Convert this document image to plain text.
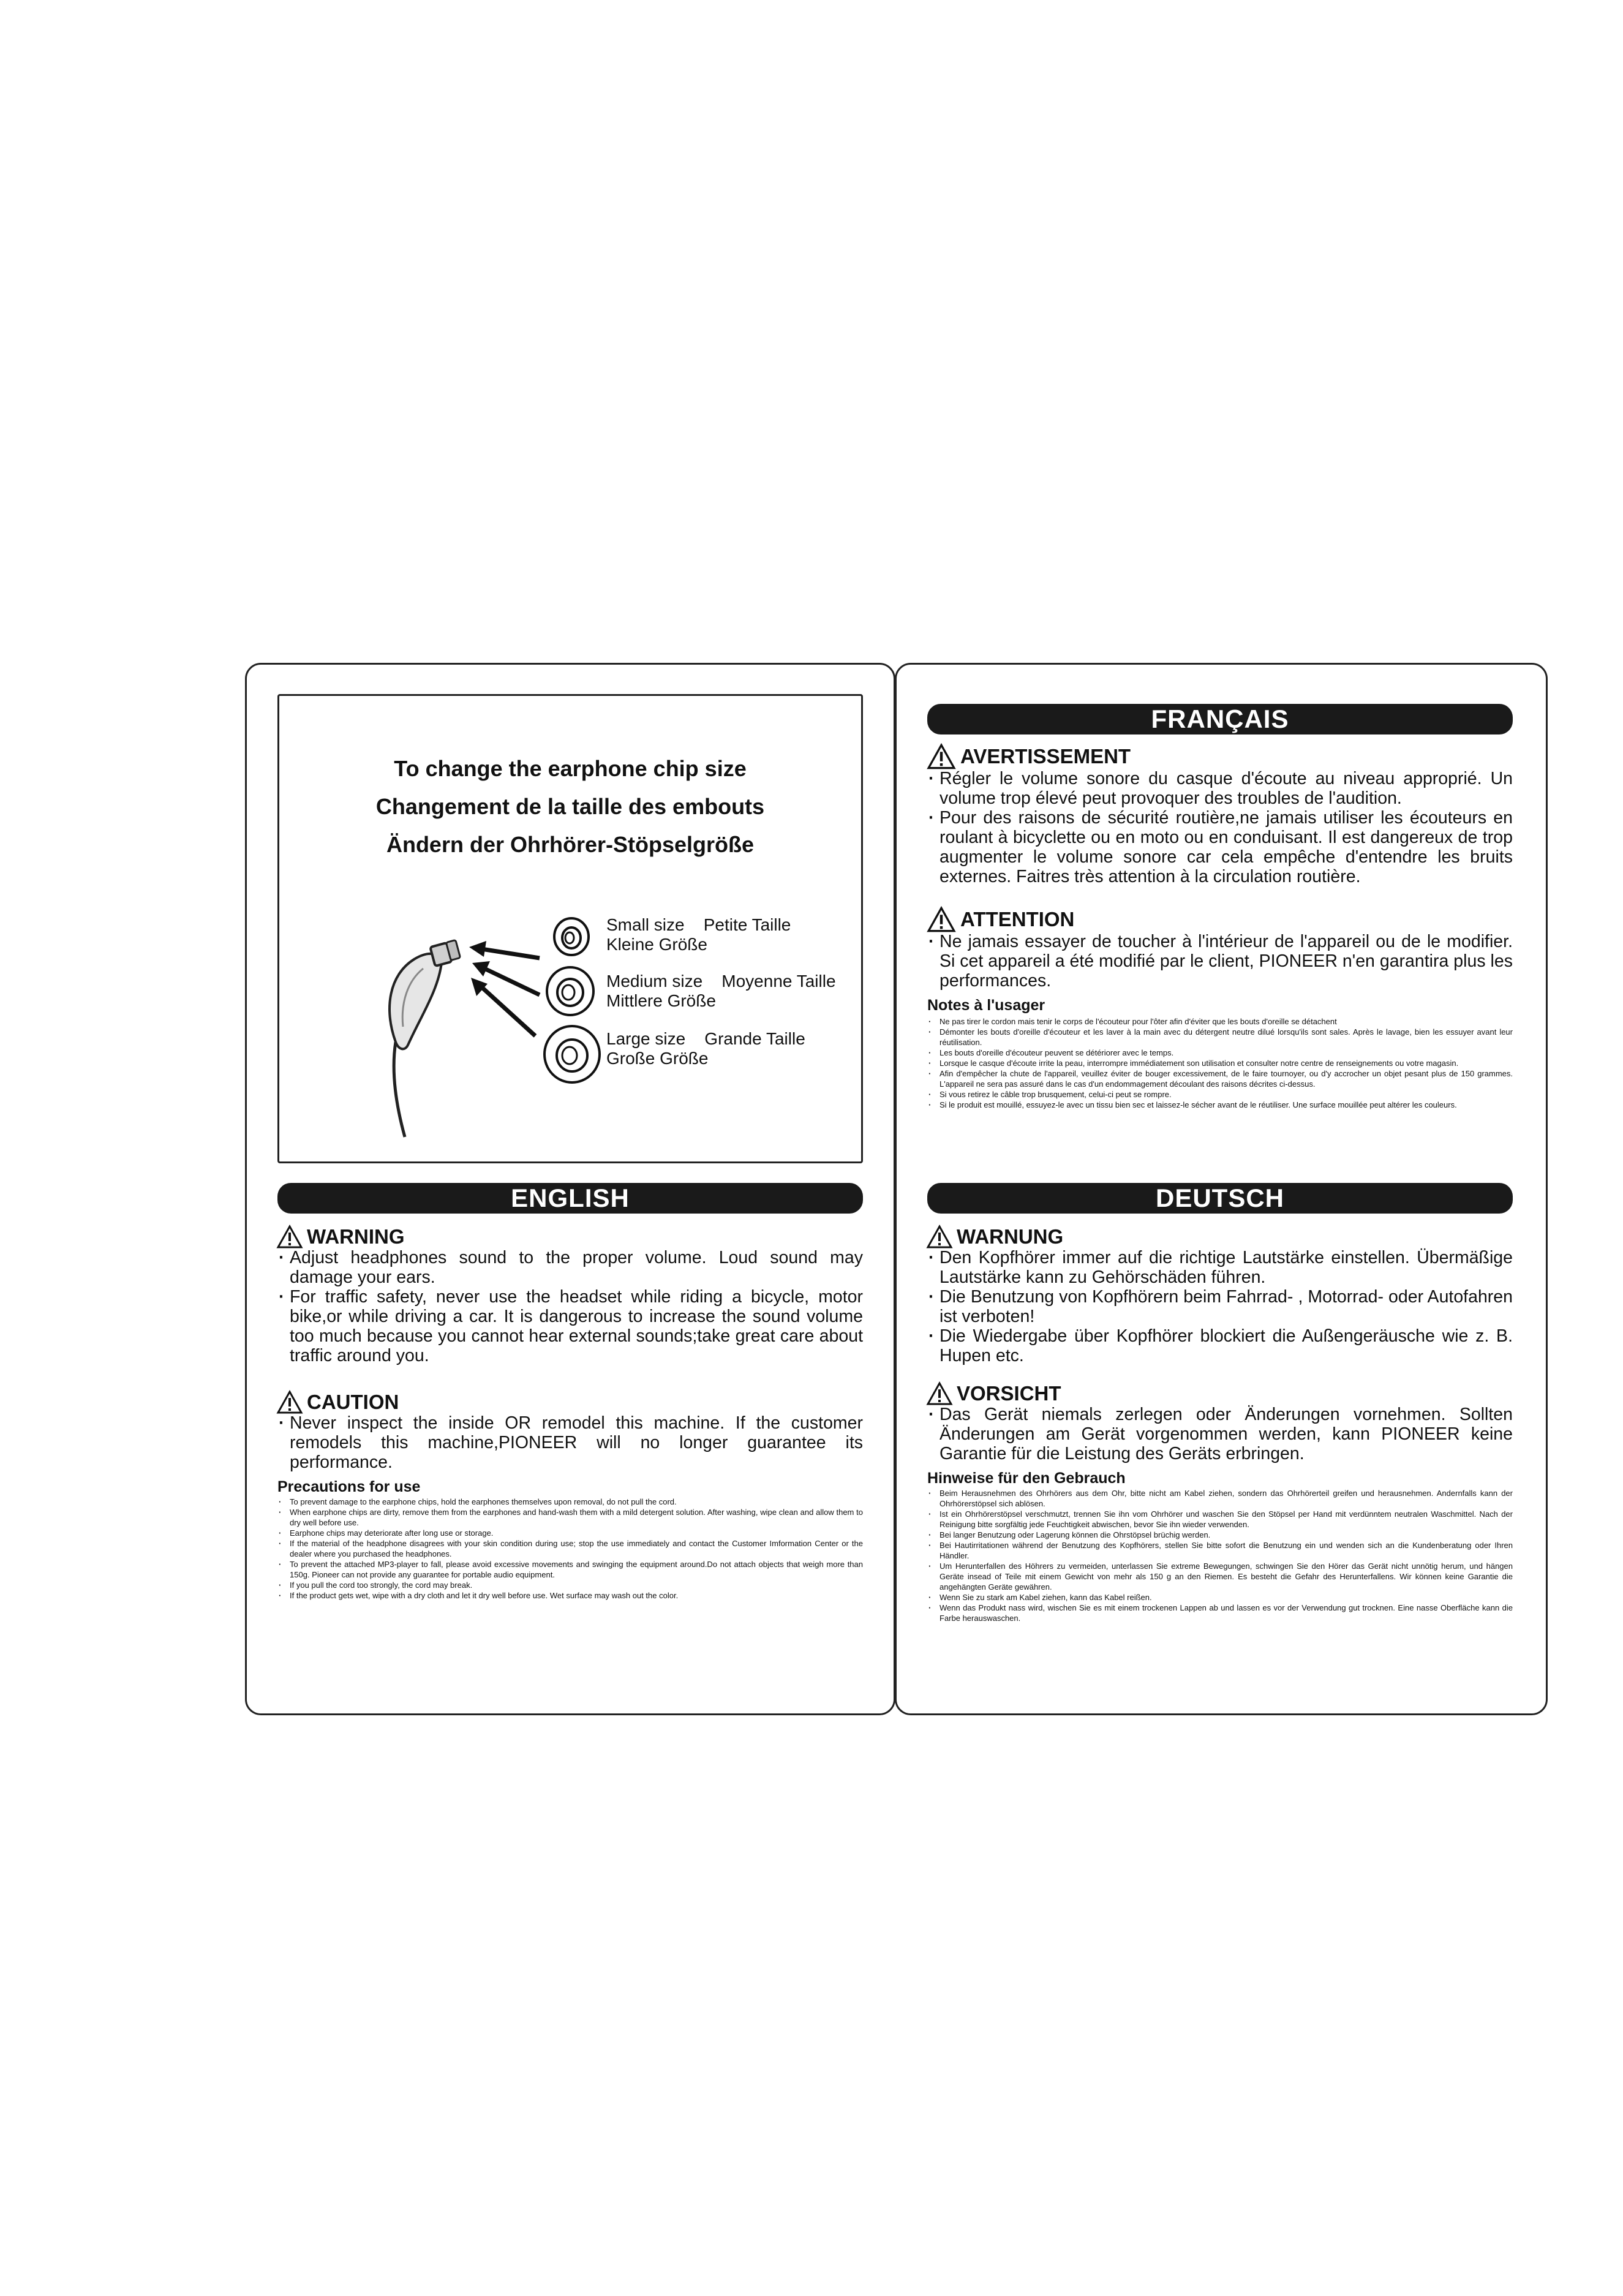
To change the earphone chip size
Changement de la taille des embouts
Ändern der Ohrhörer-Stöpselgröße
Small size    Petite Taille
Kleine Größe
Medium size    Moyenne Taille
Mittlere Größe
Large size    Grande Taille
Große Größe
ENGLISH
WARNING
· Adjust headphones sound to the proper volume. Loud sound may damage your ears.
· For traffic safety, never use the headset while riding a bicycle, motor bike,or while driving a car. It is dangerous to increase the sound volume too much because you cannot hear external sounds;take great care about traffic around you.
CAUTION
· Never inspect the inside OR remodel this machine. If the customer remodels this machine,PIONEER will no longer guarantee its performance.
Precautions for use
· To prevent damage to the earphone chips, hold the earphones themselves upon removal, do not pull the cord.
· When earphone chips are dirty, remove them from the earphones and hand-wash them with a mild detergent solution. After washing, wipe clean and allow them to dry well before use.
· Earphone chips may deteriorate after long use or storage.
· If the material of the headphone disagrees with your skin condition during use; stop the use immediately and contact the Customer Imformation Center or the dealer where you purchased the headphones.
· To prevent the attached MP3-player to fall, please avoid excessive movements and swinging the equipment around.Do not attach objects that weigh more than 150g. Pioneer can not provide any guarantee for portable audio equipment.
· If you pull the cord too strongly, the cord may break.
· If the product gets wet, wipe with a dry cloth and let it dry well before use. Wet surface may wash out the color.
FRANÇAIS
AVERTISSEMENT
· Régler le volume sonore du casque d'écoute au niveau approprié. Un volume trop élevé peut provoquer des troubles de l'audition.
· Pour des raisons de sécurité routière,ne jamais utiliser les écouteurs en roulant à bicyclette ou en moto ou en conduisant. Il est dangereux de trop augmenter le volume sonore car cela empêche d'entendre les bruits externes. Faitres très attention à la circulation routière.
ATTENTION
· Ne jamais essayer de toucher à l'intérieur de l'appareil ou de le modifier. Si cet appareil a été modifié par le client, PIONEER n'en garantira plus les performances.
Notes à l'usager
· Ne pas tirer le cordon mais tenir le corps de l'écouteur pour l'ôter afin d'éviter que les bouts d'oreille se détachent
· Démonter les bouts d'oreille d'écouteur et les laver à la main avec du détergent neutre dilué lorsqu'ils sont sales. Après le lavage, bien les essuyer avant leur réutilisation.
· Les bouts d'oreille d'écouteur peuvent se détériorer avec le temps.
· Lorsque le casque d'écoute irrite la peau, interrompre immédiatement son utilisation et consulter notre centre de renseignements ou votre magasin.
· Afin d'empêcher la chute de l'appareil, veuillez éviter de bouger excessivement, de le faire tournoyer, ou d'y accrocher un objet pesant plus de 150 grammes. L'appareil ne sera pas assuré dans le cas d'un endommagement découlant des raisons décrites ci-dessus.
· Si vous retirez le câble trop brusquement, celui-ci peut se rompre.
· Si le produit est mouillé, essuyez-le avec un tissu bien sec et laissez-le sécher avant de le réutiliser. Une surface mouillée peut altérer les couleurs.
DEUTSCH
WARNUNG
· Den Kopfhörer immer auf die richtige Lautstärke einstellen. Übermäßige Lautstärke kann zu Gehörschäden führen.
· Die Benutzung von Kopfhörern beim Fahrrad- , Motorrad- oder Autofahren ist verboten!
· Die Wiedergabe über Kopfhörer blockiert die Außengeräusche wie z. B. Hupen etc.
VORSICHT
· Das Gerät niemals zerlegen oder Änderungen vornehmen. Sollten Änderungen am Gerät vorgenommen werden, kann PIONEER keine Garantie für die Leistung des Geräts erbringen.
Hinweise für den Gebrauch
· Beim Herausnehmen des Ohrhörers aus dem Ohr, bitte nicht am Kabel ziehen, sondern das Ohrhörerteil greifen und herausnehmen. Andernfalls kann der Ohrhörerstöpsel sich ablösen.
· Ist ein Ohrhörerstöpsel verschmutzt, trennen Sie ihn vom Ohrhörer und waschen Sie den Stöpsel per Hand mit verdünntem neutralen Waschmittel. Nach der Reinigung bitte sorgfältig jede Feuchtigkeit abwischen, bevor Sie ihn wieder verwenden.
· Bei langer Benutzung oder Lagerung können die Ohrstöpsel brüchig werden.
· Bei Hautirritationen während der Benutzung des Kopfhörers, stellen Sie bitte sofort die Benutzung ein und wenden sich an die Kundenberatung oder Ihren Händler.
· Um Herunterfallen des Höhrers zu vermeiden, unterlassen Sie extreme Bewegungen, schwingen Sie den Hörer das Gerät nicht unnötig herum, und hängen Geräte insead of Teile mit einem Gewicht von mehr als 150 g an den Riemen. Es besteht die Gefahr des Herunterfallens. Wir können keine Garantie die angehängten Geräte gewähren.
· Wenn Sie zu stark am Kabel ziehen, kann das Kabel reißen.
· Wenn das Produkt nass wird, wischen Sie es mit einem trockenen Lappen ab und lassen es vor der Verwendung gut trocknen. Eine nasse Oberfläche kann die Farbe herauswaschen.
